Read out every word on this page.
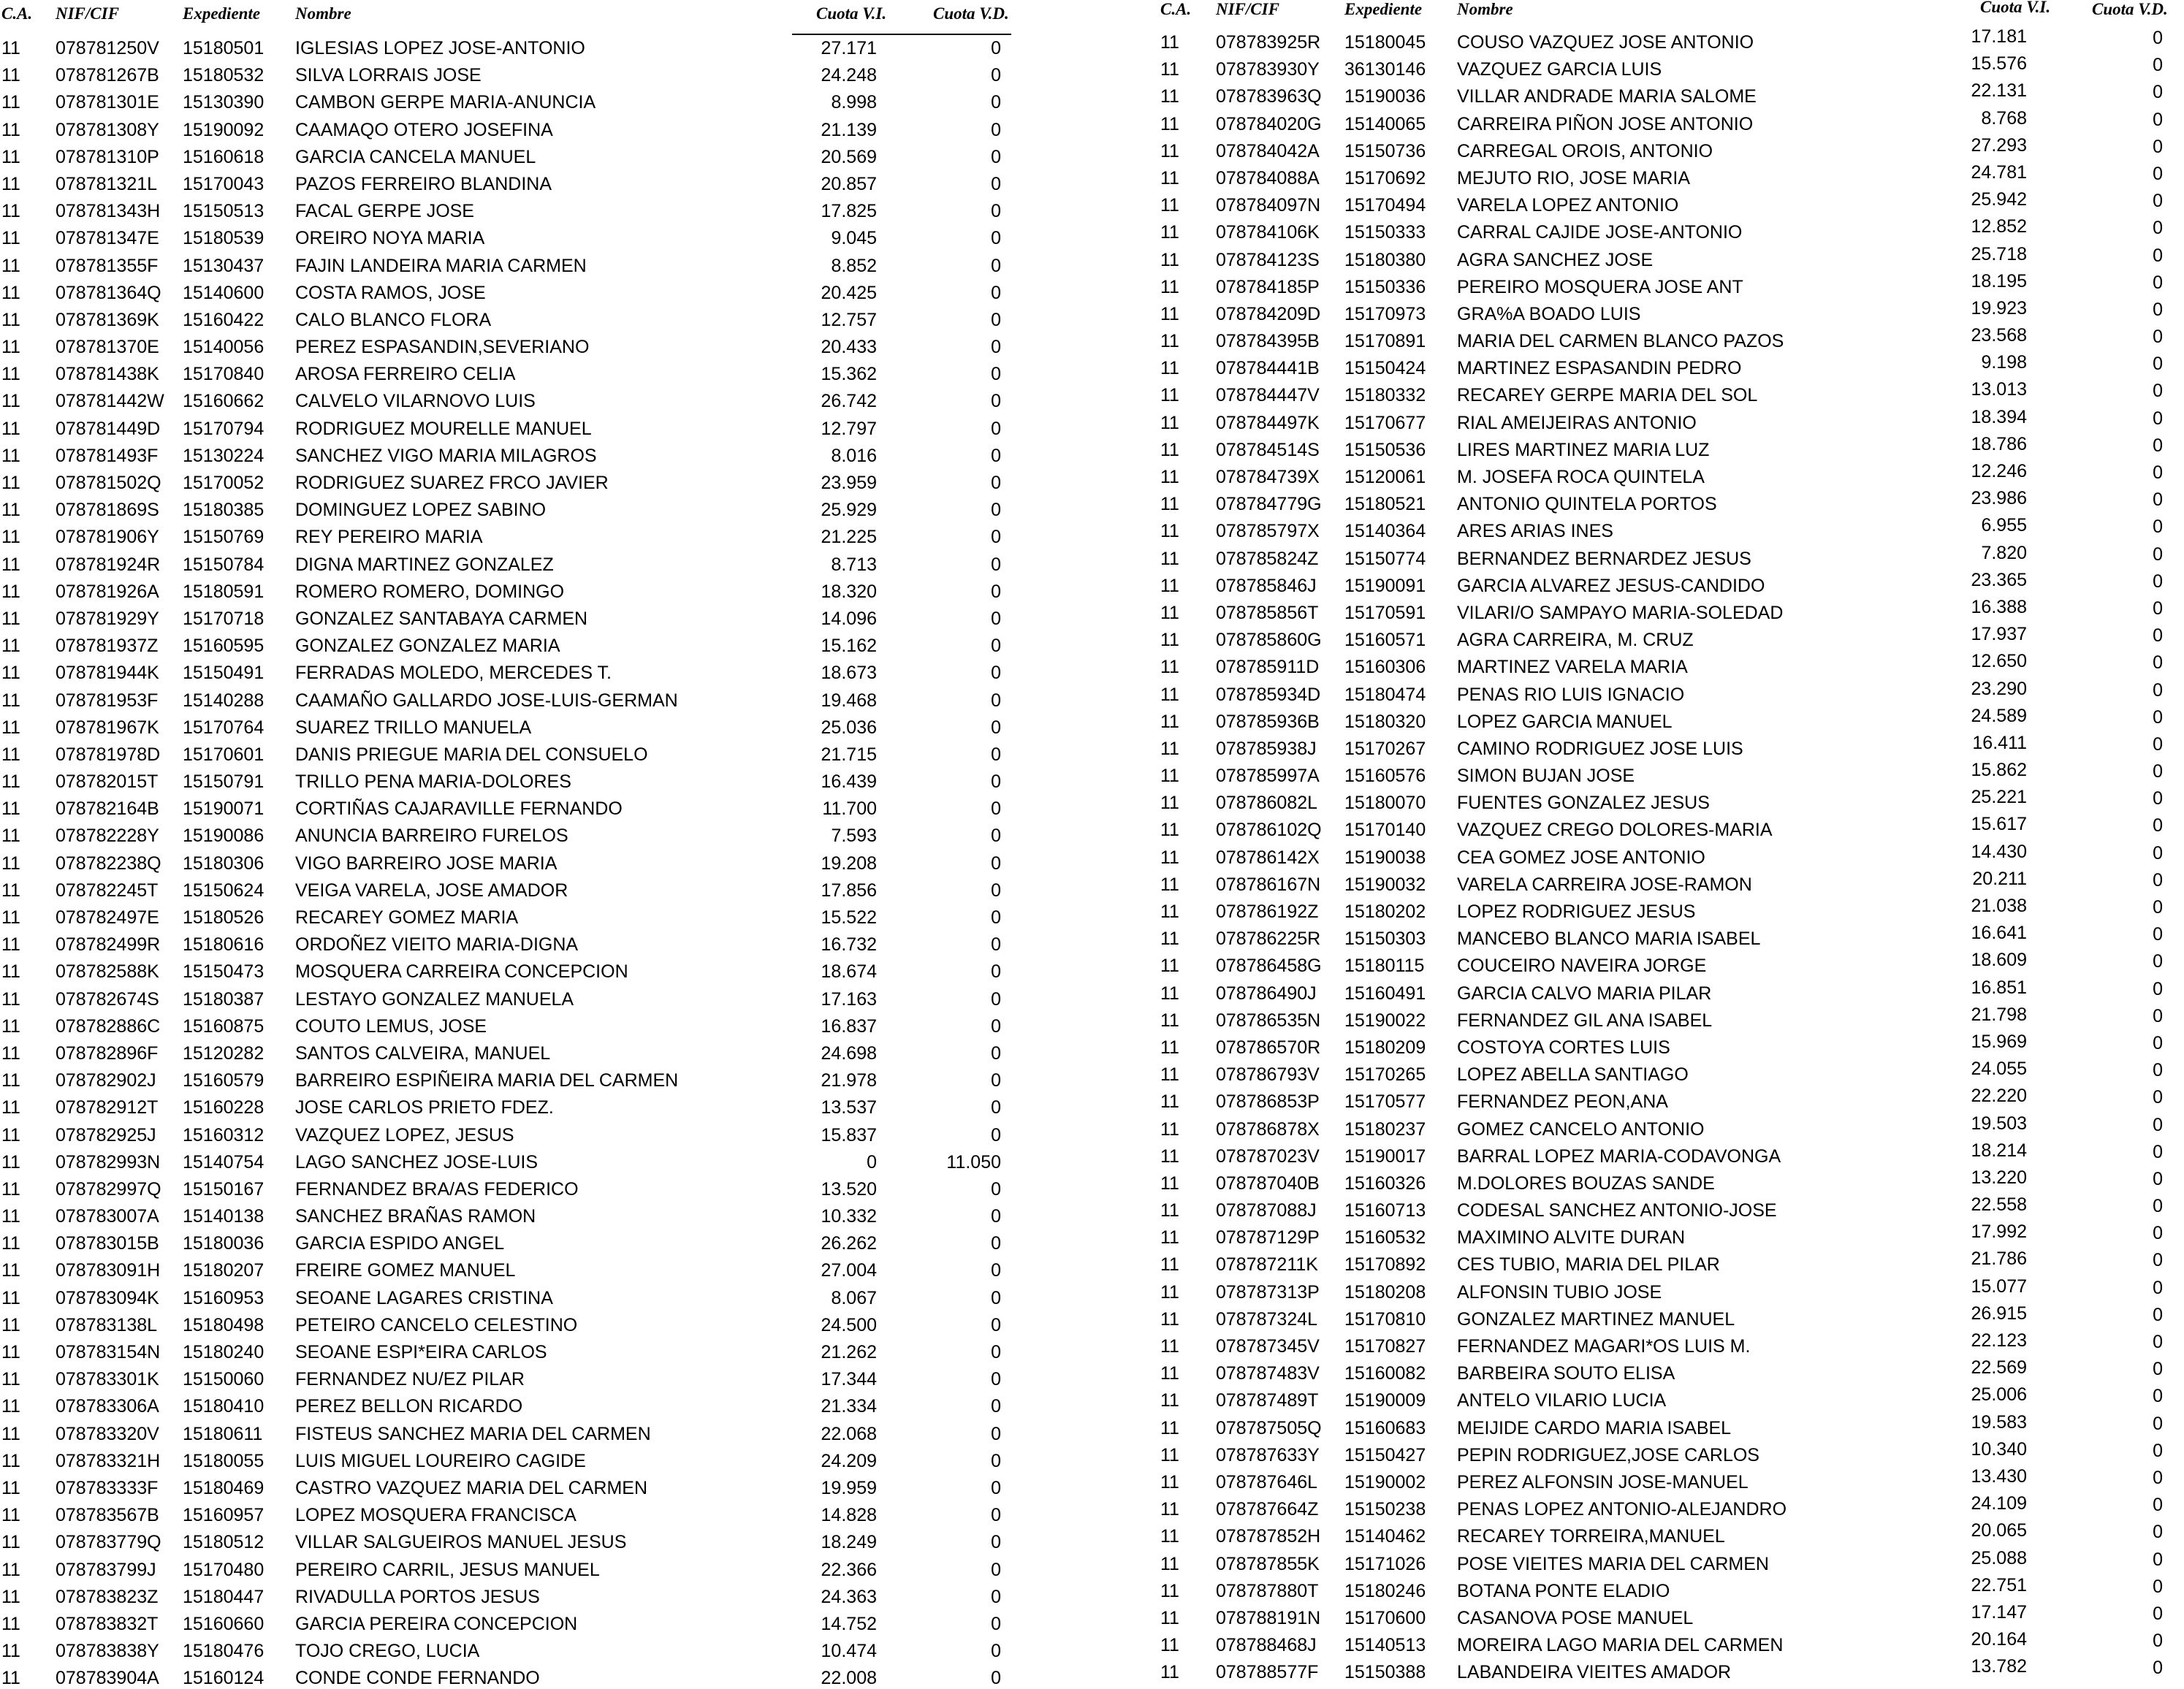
C.A. NIF/CIF	Expediente Nombre	Cuota V.I.	Cuota V.D.
11 078781250V 15180501 IGLESIAS LOPEZ JOSE-ANTONIO	27.171	0
11 078781267B 15180532 SILVA LORRAIS JOSE	24.248	0
11 078781301E 15130390 CAMBON GERPE MARIA-ANUNCIA	8.998	0
11 078781308Y 15190092 CAAMAQO OTERO JOSEFINA	21.139	0
11 078781310P 15160618 GARCIA CANCELA MANUEL	20.569	0
11 078781321L 15170043 PAZOS FERREIRO BLANDINA	20.857	0
11 078781343H 15150513 FACAL GERPE JOSE	17.825	0
11 078781347E 15180539 OREIRO NOYA MARIA	9.045	0
11 078781355F 15130437 FAJIN LANDEIRA MARIA CARMEN	8.852	0
11 078781364Q 15140600 COSTA RAMOS, JOSE	20.425	0
11 078781369K 15160422 CALO BLANCO FLORA	12.757	0
11 078781370E 15140056 PEREZ ESPASANDIN,SEVERIANO	20.433	0
11 078781438K 15170840 AROSA FERREIRO CELIA	15.362	0
11 078781442W 15160662 CALVELO VILARNOVO LUIS	26.742	0
11 078781449D 15170794 RODRIGUEZ MOURELLE MANUEL	12.797	0
11 078781493F 15130224 SANCHEZ VIGO MARIA MILAGROS	8.016	0
11 078781502Q 15170052 RODRIGUEZ SUAREZ FRCO JAVIER	23.959	0
11 078781869S 15180385 DOMINGUEZ LOPEZ SABINO	25.929	0
11 078781906Y 15150769 REY PEREIRO MARIA	21.225	0
11 078781924R 15150784 DIGNA MARTINEZ GONZALEZ	8.713	0
11 078781926A 15180591 ROMERO ROMERO, DOMINGO	18.320	0
11 078781929Y 15170718 GONZALEZ SANTABAYA CARMEN	14.096	0
11 078781937Z 15160595 GONZALEZ GONZALEZ MARIA	15.162	0
11 078781944K 15150491 FERRADAS MOLEDO, MERCEDES T.	18.673	0
11 078781953F 15140288 CAAMAÑO GALLARDO JOSE-LUIS-GERMAN	19.468	0
11 078781967K 15170764 SUAREZ TRILLO MANUELA	25.036	0
11 078781978D 15170601 DANIS PRIEGUE MARIA DEL CONSUELO	21.715	0
11 078782015T 15150791 TRILLO PENA MARIA-DOLORES	16.439	0
11 078782164B 15190071 CORTIÑAS CAJARAVILLE FERNANDO	11.700	0
11 078782228Y 15190086 ANUNCIA BARREIRO FURELOS	7.593	0
11 078782238Q 15180306 VIGO BARREIRO JOSE MARIA	19.208	0
11 078782245T 15150624 VEIGA VARELA, JOSE AMADOR	17.856	0
11 078782497E 15180526 RECAREY GOMEZ MARIA	15.522	0
11 078782499R 15180616 ORDOÑEZ VIEITO MARIA-DIGNA	16.732	0
11 078782588K 15150473 MOSQUERA CARREIRA CONCEPCION	18.674	0
11 078782674S 15180387 LESTAYO GONZALEZ MANUELA	17.163	0
11 078782886C 15160875 COUTO LEMUS, JOSE	16.837	0
11 078782896F 15120282 SANTOS CALVEIRA, MANUEL	24.698	0
11 078782902J 15160579 BARREIRO ESPIÑEIRA MARIA DEL CARMEN	21.978	0
11 078782912T 15160228 JOSE CARLOS PRIETO FDEZ.	13.537	0
11 078782925J 15160312 VAZQUEZ LOPEZ, JESUS	15.837	0
11 078782993N 15140754 LAGO SANCHEZ JOSE-LUIS	0	11.050
11 078782997Q 15150167 FERNANDEZ BRA/AS FEDERICO	13.520	0
11 078783007A 15140138 SANCHEZ BRAÑAS RAMON	10.332	0
11 078783015B 15180036 GARCIA ESPIDO ANGEL	26.262	0
11 078783091H 15180207 FREIRE GOMEZ MANUEL	27.004	0
11 078783094K 15160953 SEOANE LAGARES CRISTINA	8.067	0
11 078783138L 15180498 PETEIRO CANCELO CELESTINO	24.500	0
11 078783154N 15180240 SEOANE ESPI*EIRA CARLOS	21.262	0
11 078783301K 15150060 FERNANDEZ NU/EZ PILAR	17.344	0
11 078783306A 15180410 PEREZ BELLON RICARDO	21.334	0
11 078783320V 15180611 FISTEUS SANCHEZ MARIA DEL CARMEN	22.068	0
11 078783321H 15180055 LUIS MIGUEL LOUREIRO CAGIDE	24.209	0
11 078783333F 15180469 CASTRO VAZQUEZ MARIA DEL CARMEN	19.959	0
11 078783567B 15160957 LOPEZ MOSQUERA FRANCISCA	14.828	0
11 078783779Q 15180512 VILLAR SALGUEIROS MANUEL JESUS	18.249	0
11 078783799J 15170480 PEREIRO CARRIL, JESUS MANUEL	22.366	0
11 078783823Z 15180447 RIVADULLA PORTOS JESUS	24.363	0
11 078783832T 15160660 GARCIA PEREIRA CONCEPCION	14.752	0
11 078783838Y 15180476 TOJO CREGO, LUCIA	10.474	0
11 078783904A 15160124 CONDE CONDE FERNANDO	22.008	0
C.A. NIF/CIF	Expediente Nombre	Cuota V.I. Cuota V.D.
11 078783925R 15180045 COUSO VAZQUEZ JOSE ANTONIO	17.181	0
11 078783930Y 36130146 VAZQUEZ GARCIA LUIS	15.576	0
11 078783963Q 15190036 VILLAR ANDRADE MARIA SALOME	22.131	0
11 078784020G 15140065 CARREIRA PIÑON JOSE ANTONIO	8.768	0
11 078784042A 15150736 CARREGAL OROIS, ANTONIO	27.293	0
11 078784088A 15170692 MEJUTO RIO, JOSE MARIA	24.781	0
11 078784097N 15170494 VARELA LOPEZ ANTONIO	25.942	0
11 078784106K 15150333 CARRAL CAJIDE JOSE-ANTONIO	12.852	0
11 078784123S 15180380 AGRA SANCHEZ JOSE	25.718	0
11 078784185P 15150336 PEREIRO MOSQUERA JOSE ANT	18.195	0
11 078784209D 15170973 GRA%A BOADO LUIS	19.923	0
11 078784395B 15170891 MARIA DEL CARMEN BLANCO PAZOS	23.568	0
11 078784441B 15150424 MARTINEZ ESPASANDIN PEDRO	9.198	0
11 078784447V 15180332 RECAREY GERPE MARIA DEL SOL	13.013	0
11 078784497K 15170677 RIAL AMEIJEIRAS ANTONIO	18.394	0
11 078784514S 15150536 LIRES MARTINEZ MARIA LUZ	18.786	0
11 078784739X 15120061 M. JOSEFA ROCA QUINTELA	12.246	0
11 078784779G 15180521 ANTONIO QUINTELA PORTOS	23.986	0
11 078785797X 15140364 ARES ARIAS INES	6.955	0
11 078785824Z 15150774 BERNANDEZ BERNARDEZ JESUS	7.820	0
11 078785846J 15190091 GARCIA ALVAREZ JESUS-CANDIDO	23.365	0
11 078785856T 15170591 VILARI/O SAMPAYO MARIA-SOLEDAD	16.388	0
11 078785860G 15160571 AGRA CARREIRA, M. CRUZ	17.937	0
11 078785911D 15160306 MARTINEZ VARELA MARIA	12.650	0
11 078785934D 15180474 PENAS RIO LUIS IGNACIO	23.290	0
11 078785936B 15180320 LOPEZ GARCIA MANUEL	24.589	0
11 078785938J 15170267 CAMINO RODRIGUEZ JOSE LUIS	16.411	0
11 078785997A 15160576 SIMON BUJAN JOSE	15.862	0
11 078786082L 15180070 FUENTES GONZALEZ JESUS	25.221	0
11 078786102Q 15170140 VAZQUEZ CREGO DOLORES-MARIA	15.617	0
11 078786142X 15190038 CEA GOMEZ JOSE ANTONIO	14.430	0
11 078786167N 15190032 VARELA CARREIRA JOSE-RAMON	20.211	0
11 078786192Z 15180202 LOPEZ RODRIGUEZ JESUS	21.038	0
11 078786225R 15150303 MANCEBO BLANCO MARIA ISABEL	16.641	0
11 078786458G 15180115 COUCEIRO NAVEIRA JORGE	18.609	0
11 078786490J 15160491 GARCIA CALVO MARIA PILAR	16.851	0
11 078786535N 15190022 FERNANDEZ GIL ANA ISABEL	21.798	0
11 078786570R 15180209 COSTOYA CORTES LUIS	15.969	0
11 078786793V 15170265 LOPEZ ABELLA SANTIAGO	24.055	0
11 078786853P 15170577 FERNANDEZ PEON,ANA	22.220	0
11 078786878X 15180237 GOMEZ CANCELO ANTONIO	19.503	0
11 078787023V 15190017 BARRAL LOPEZ MARIA-CODAVONGA	18.214	0
11 078787040B 15160326 M.DOLORES BOUZAS SANDE	13.220	0
11 078787088J 15160713 CODESAL SANCHEZ ANTONIO-JOSE	22.558	0
11 078787129P 15160532 MAXIMINO ALVITE DURAN	17.992	0
11 078787211K 15170892 CES TUBIO, MARIA DEL PILAR	21.786	0
11 078787313P 15180208 ALFONSIN TUBIO JOSE	15.077	0
11 078787324L 15170810 GONZALEZ MARTINEZ MANUEL	26.915	0
11 078787345V 15170827 FERNANDEZ MAGARI*OS LUIS M.	22.123	0
11 078787483V 15160082 BARBEIRA SOUTO ELISA	22.569	0
11 078787489T 15190009 ANTELO VILARIO LUCIA	25.006	0
11 078787505Q 15160683 MEIJIDE CARDO MARIA ISABEL	19.583	0
11 078787633Y 15150427 PEPIN RODRIGUEZ,JOSE CARLOS	10.340	0
11 078787646L 15190002 PEREZ ALFONSIN JOSE-MANUEL	13.430	0
11 078787664Z 15150238 PENAS LOPEZ ANTONIO-ALEJANDRO	24.109	0
11 078787852H 15140462 RECAREY TORREIRA,MANUEL	20.065	0
11 078787855K 15171026 POSE VIEITES MARIA DEL CARMEN	25.088	0
11 078787880T 15180246 BOTANA PONTE ELADIO	22.751	0
11 078788191N 15170600 CASANOVA POSE MANUEL	17.147	0
11 078788468J 15140513 MOREIRA LAGO MARIA DEL CARMEN	20.164	0
11 078788577F 15150388 LABANDEIRA VIEITES AMADOR	13.782	0
